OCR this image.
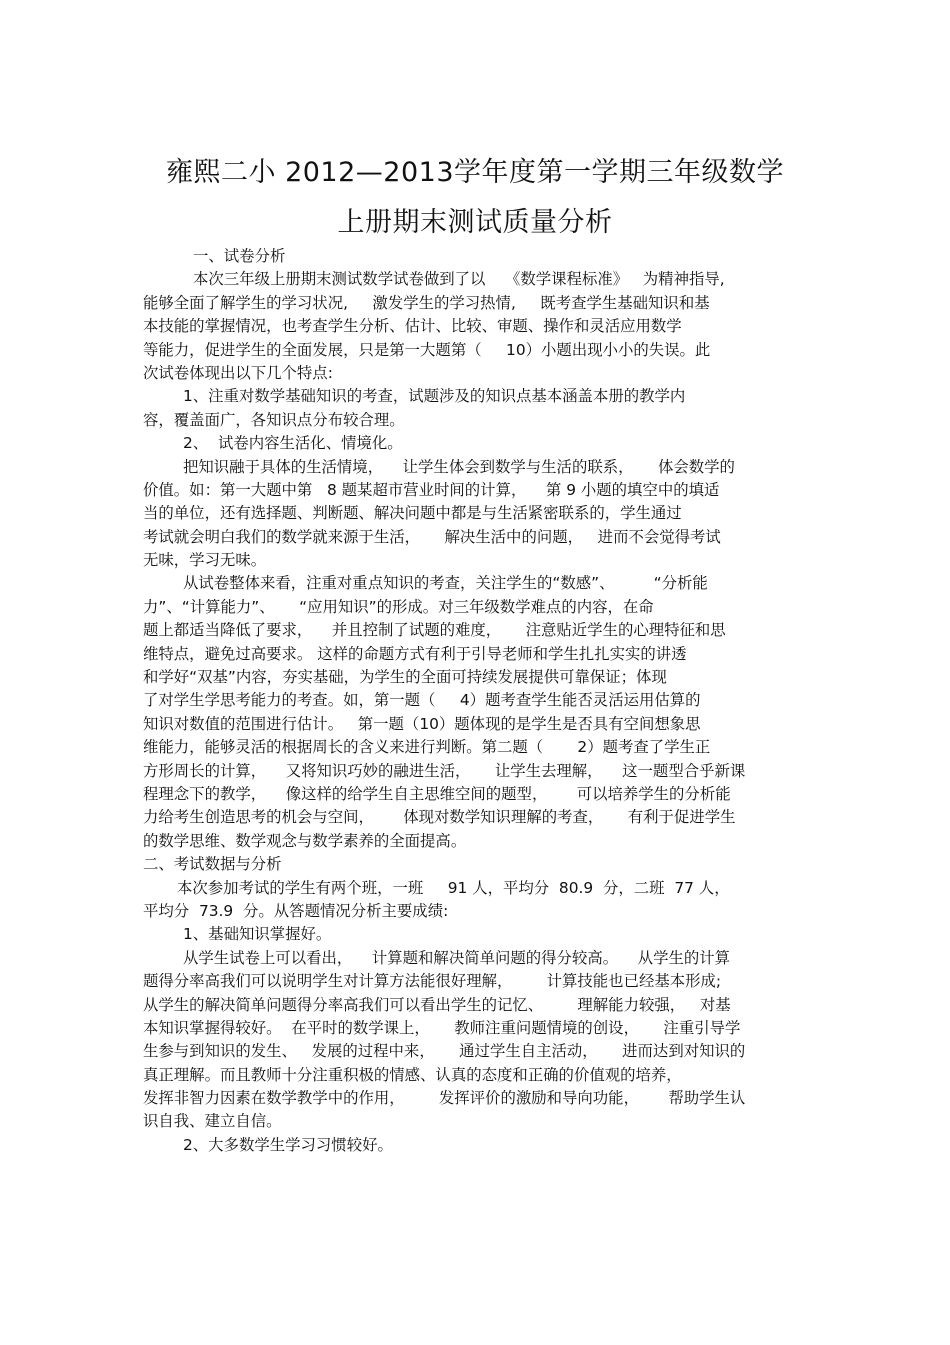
雍熙二小 2012—2013学年度第一学期三年级数学
上册期末测试质量分析
一、试卷分析
本次三年级上册期末测试数学试卷做到了以    《数学课程标准》   为精神指导,
能够全面了解学生的学习状况,     激发学生的学习热情,     既考查学生基础知识和基
本技能的掌握情况，也考查学生分析、估计、比较、审题、操作和灵活应用数学
等能力，促进学生的全面发展，只是第一大题第（     10）小题出现小小的失误。此
次试卷体现出以下几个特点:
1、注重对数学基础知识的考查，试题涉及的知识点基本涵盖本册的教学内
容，覆盖面广，各知识点分布较合理。
2、  试卷内容生活化、情境化。
把知识融于具体的生活情境，    让学生体会到数学与生活的联系，     体会数学的
价值。如：第一大题中第   8 题某超市营业时间的计算，    第 9 小题的填空中的填适
当的单位，还有选择题、判断题、解决问题中都是与生活紧密联系的，学生通过
考试就会明白我们的数学就来源于生活，     解决生活中的问题，   进而不会觉得考试
无味，学习无味。
从试卷整体来看，注重对重点知识的考查，关注学生的“数感”、        “分析能
力”、“计算能力”、     “应用知识”的形成。对三年级数学难点的内容，在命
题上都适当降低了要求，    并且控制了试题的难度，     注意贴近学生的心理特征和思
维特点，避免过高要求。 这样的命题方式有利于引导老师和学生扎扎实实的讲透
和学好“双基”内容，夯实基础，为学生的全面可持续发展提供可靠保证；体现
了对学生学思考能力的考查。如，第一题（     4）题考查学生能否灵活运用估算的
知识对数值的范围进行估计。   第一题（10）题体现的是学生是否具有空间想象思
维能力，能够灵活的根据周长的含义来进行判断。第二题（       2）题考查了学生正
方形周长的计算，    又将知识巧妙的融进生活，     让学生去理解，    这一题型合乎新课
程理念下的教学，    像这样的给学生自主思维空间的题型，      可以培养学生的分析能
力给考生创造思考的机会与空间，      体现对数学知识理解的考查，     有利于促进学生
的数学思维、数学观念与数学素养的全面提高。
二、考试数据与分析
本次参加考试的学生有两个班，一班     91 人，平均分  80.9  分，二班  77 人，
平均分  73.9  分。从答题情况分析主要成绩:
1、基础知识掌握好。
从学生试卷上可以看出，    计算题和解决简单问题的得分较高。    从学生的计算
题得分率高我们可以说明学生对计算方法能很好理解，       计算技能也已经基本形成;
从学生的解决简单问题得分率高我们可以看出学生的记忆、       理解能力较强，   对基
本知识掌握得较好。  在平时的数学课上，     教师注重问题情境的创设，     注重引导学
生参与到知识的发生、   发展的过程中来，     通过学生自主活动，     进而达到对知识的
真正理解。而且教师十分注重积极的情感、认真的态度和正确的价值观的培养，
发挥非智力因素在数学教学中的作用，       发挥评价的激励和导向功能，      帮助学生认
识自我、建立自信。
2、大多数学生学习习惯较好。
